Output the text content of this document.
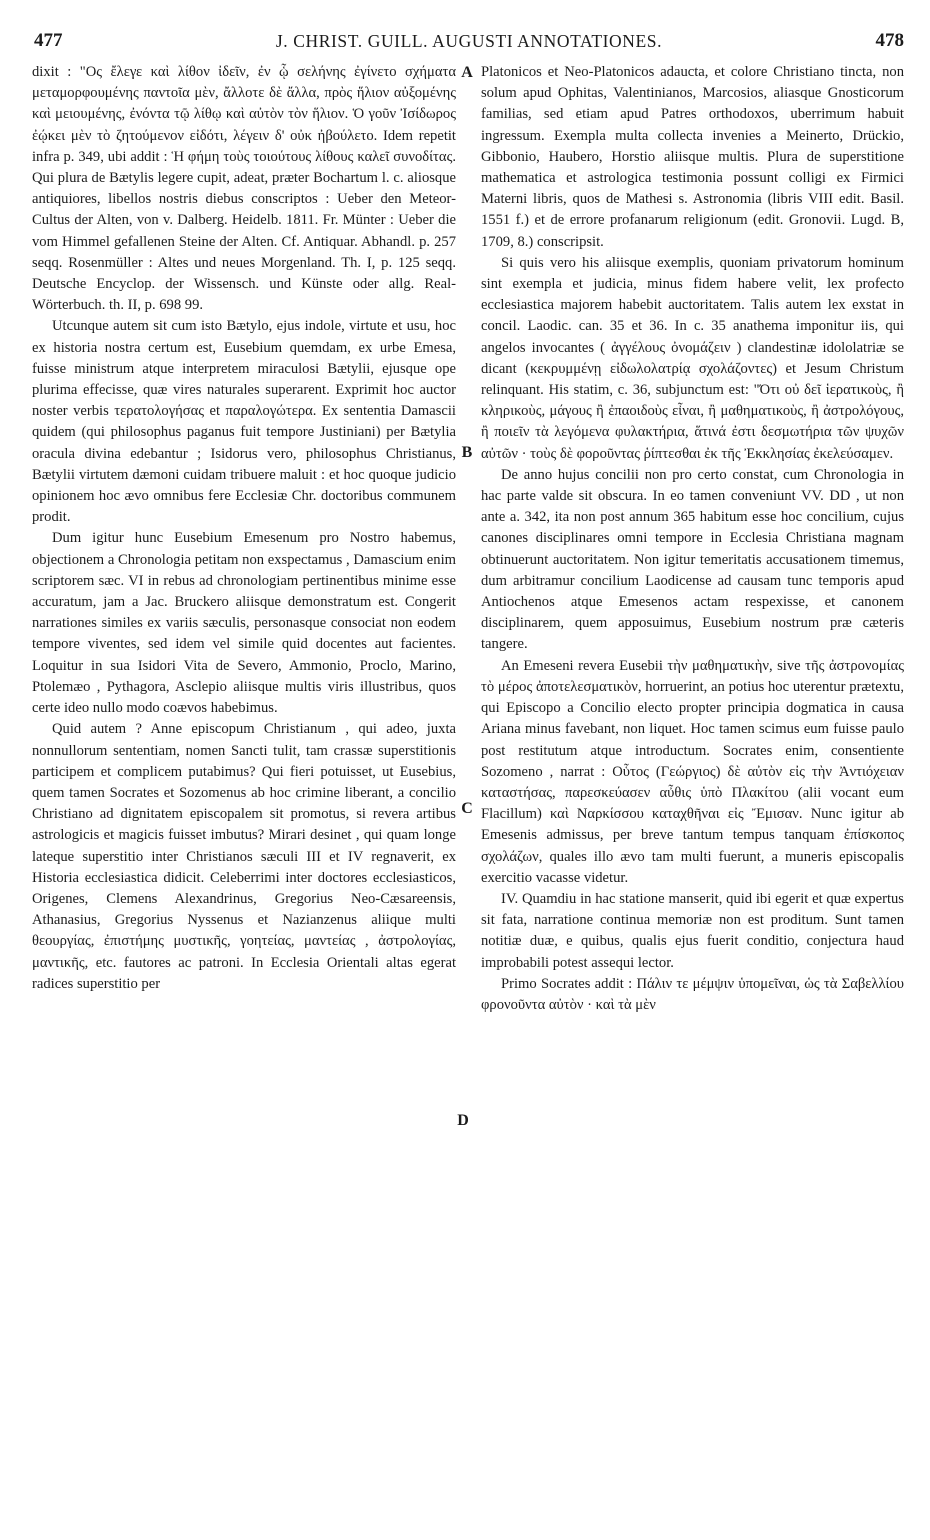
477	J. CHRIST. GUILL. AUGUSTI ANNOTATIONES.	478

dixit : "Ος ἔλεγε καὶ λίθον ἰδεῖν, ἐν ᾧ σελήνης ἐγίνετο σχήματα μεταμορφουμένης παντοῖα μὲν, ἄλλοτε δὲ ἄλλα, πρὸς ἥλιον αὐξομένης καὶ μειουμένης, ἐνόντα τῷ λίθῳ καὶ αὐτὸν τὸν ἥλιον. Ὁ γοῦν Ἰσίδωρος ἐῴκει μὲν τὸ ζητούμενον εἰδότι, λέγειν δ' οὐκ ἠβούλετο. Idem repetit infra p. 349, ubi addit : Ἡ φήμη τοὺς τοιούτους λίθους καλεῖ συνοδίτας. Qui plura de Bætylis legere cupit, adeat, præter Bochartum l. c. aliosque antiquiores, libellos nostris diebus conscriptos : Ueber den Meteor-Cultus der Alten, von v. Dalberg. Heidelb. 1811. Fr. Münter : Ueber die vom Himmel gefallenen Steine der Alten. Cf. Antiquar. Abhandl. p. 257 seqq. Rosenmüller : Altes und neues Morgenland. Th. I, p. 125 seqq. Deutsche Encyclop. der Wissensch. und Künste oder allg. Real-Wörterbuch. th. II, p. 698 99.

Utcunque autem sit cum isto Bætylo, ejus indole, virtute et usu, hoc ex historia nostra certum est, Eusebium quemdam, ex urbe Emesa, fuisse ministrum atque interpretem miraculosi Bætylii, ejusque ope plurima effecisse, quæ vires naturales superarent. Exprimit hoc auctor noster verbis τερατολογήσας et παραλογώτερα. Ex sententia Damascii quidem (qui philosophus paganus fuit tempore Justiniani) per Bætylia oracula divina edebantur ; Isidorus vero, philosophus Christianus, Bætylii virtutem dæmoni cuidam tribuere maluit : et hoc quoque judicio opinionem hoc ævo omnibus fere Ecclesiæ Chr. doctoribus communem prodit.

Dum igitur hunc Eusebium Emesenum pro Nostro habemus, objectionem a Chronologia petitam non exspectamus , Damascium enim scriptorem sæc. VI in rebus ad chronologiam pertinentibus minime esse accuratum, jam a Jac. Bruckero aliisque demonstratum est. Congerit narrationes similes ex variis sæculis, personasque consociat non eodem tempore viventes, sed idem vel simile quid docentes aut facientes. Loquitur in sua Isidori Vita de Severo, Ammonio, Proclo, Marino, Ptolemæo , Pythagora, Asclepio aliisque multis viris illustribus, quos certe ideo nullo modo coævos habebimus.

Quid autem ? Anne episcopum Christianum , qui adeo, juxta nonnullorum sententiam, nomen Sancti tulit, tam crassæ superstitionis participem et complicem putabimus? Qui fieri potuisset, ut Eusebius, quem tamen Socrates et Sozomenus ab hoc crimine liberant, a concilio Christiano ad dignitatem episcopalem sit promotus, si revera artibus astrologicis et magicis fuisset imbutus? Mirari desinet , qui quam longe lateque superstitio inter Christianos sæculi III et IV regnaverit, ex Historia ecclesiastica didicit. Celeberrimi inter doctores ecclesiasticos, Origenes, Clemens Alexandrinus, Gregorius Neo-Cæsareensis, Athanasius, Gregorius Nyssenus et Nazianzenus aliique multi θεουργίας, ἐπιστήμης μυστικῆς, γοητείας, μαντείας , ἀστρολογίας, μαντικῆς, etc. fautores ac patroni. In Ecclesia Orientali altas egerat radices superstitio per

A
B
C
D

Platonicos et Neo-Platonicos adaucta, et colore Christiano tincta, non solum apud Ophitas, Valentinianos, Marcosios, aliasque Gnosticorum familias, sed etiam apud Patres orthodoxos, uberrimum habuit ingressum. Exempla multa collecta invenies a Meinerto, Drückio, Gibbonio, Haubero, Horstio aliisque multis. Plura de superstitione mathematica et astrologica testimonia possunt colligi ex Firmici Materni libris, quos de Mathesi s. Astronomia (libris VIII edit. Basil. 1551 f.) et de errore profanarum religionum (edit. Gronovii. Lugd. B, 1709, 8.) conscripsit.

Si quis vero his aliisque exemplis, quoniam privatorum hominum sint exempla et judicia, minus fidem habere velit, lex profecto ecclesiastica majorem habebit auctoritatem. Talis autem lex exstat in concil. Laodic. can. 35 et 36. In c. 35 anathema imponitur iis, qui angelos invocantes ( ἀγγέλους ὀνομάζειν ) clandestinæ idololatriæ se dicant (κεκρυμμένῃ εἰδωλολατρίᾳ σχολάζοντες) et Jesum Christum relinquant. His statim, c. 36, subjunctum est: "Ότι οὐ δεῖ ἱερατικοὺς, ἢ κληρικοὺς, μάγους ἢ ἐπαοιδοὺς εἶναι, ἢ μαθηματικοὺς, ἢ ἀστρολόγους, ἢ ποιεῖν τὰ λεγόμενα φυλακτήρια, ἅτινά ἐστι δεσμωτήρια τῶν ψυχῶν αὐτῶν · τοὺς δὲ φοροῦντας ῥίπτεσθαι ἐκ τῆς Ἐκκλησίας ἐκελεύσαμεν.

De anno hujus concilii non pro certo constat, cum Chronologia in hac parte valde sit obscura. In eo tamen conveniunt VV. DD , ut non ante a. 342, ita non post annum 365 habitum esse hoc concilium, cujus canones disciplinares omni tempore in Ecclesia Christiana magnam obtinuerunt auctoritatem. Non igitur temeritatis accusationem timemus, dum arbitramur concilium Laodicense ad causam tunc temporis apud Antiochenos atque Emesenos actam respexisse, et canonem disciplinarem, quem apposuimus, Eusebium nostrum præ cæteris tangere.

An Emeseni revera Eusebii τὴν μαθηματικὴν, sive τῆς ἀστρονομίας τὸ μέρος ἀποτελεσματικὸν, horruerint, an potius hoc uterentur prætextu, qui Episcopo a Concilio electo propter principia dogmatica in causa Ariana minus favebant, non liquet. Hoc tamen scimus eum fuisse paulo post restitutum atque introductum. Socrates enim, consentiente Sozomeno , narrat : Οὗτος (Γεώργιος) δὲ αὐτὸν εἰς τὴν Ἀντιόχειαν καταστήσας, παρεσκεύασεν αὖθις ὑπὸ Πλακίτου (alii vocant eum Flacillum) καὶ Ναρκίσσου καταχθῆναι εἰς Ἔμισαν. Nunc igitur ab Emesenis admissus, per breve tantum tempus tanquam ἐπίσκοπος σχολάζων, quales illo ævo tam multi fuerunt, a muneris episcopalis exercitio vacasse videtur.

IV. Quamdiu in hac statione manserit, quid ibi egerit et quæ expertus sit fata, narratione continua memoriæ non est proditum. Sunt tamen notitiæ duæ, e quibus, qualis ejus fuerit conditio, conjectura haud improbabili potest assequi lector.

Primo Socrates addit : Πάλιν τε μέμψιν ὑπομεῖναι, ὡς τὰ Σαβελλίου φρονοῦντα αὐτὸν · καὶ τὰ μὲν
